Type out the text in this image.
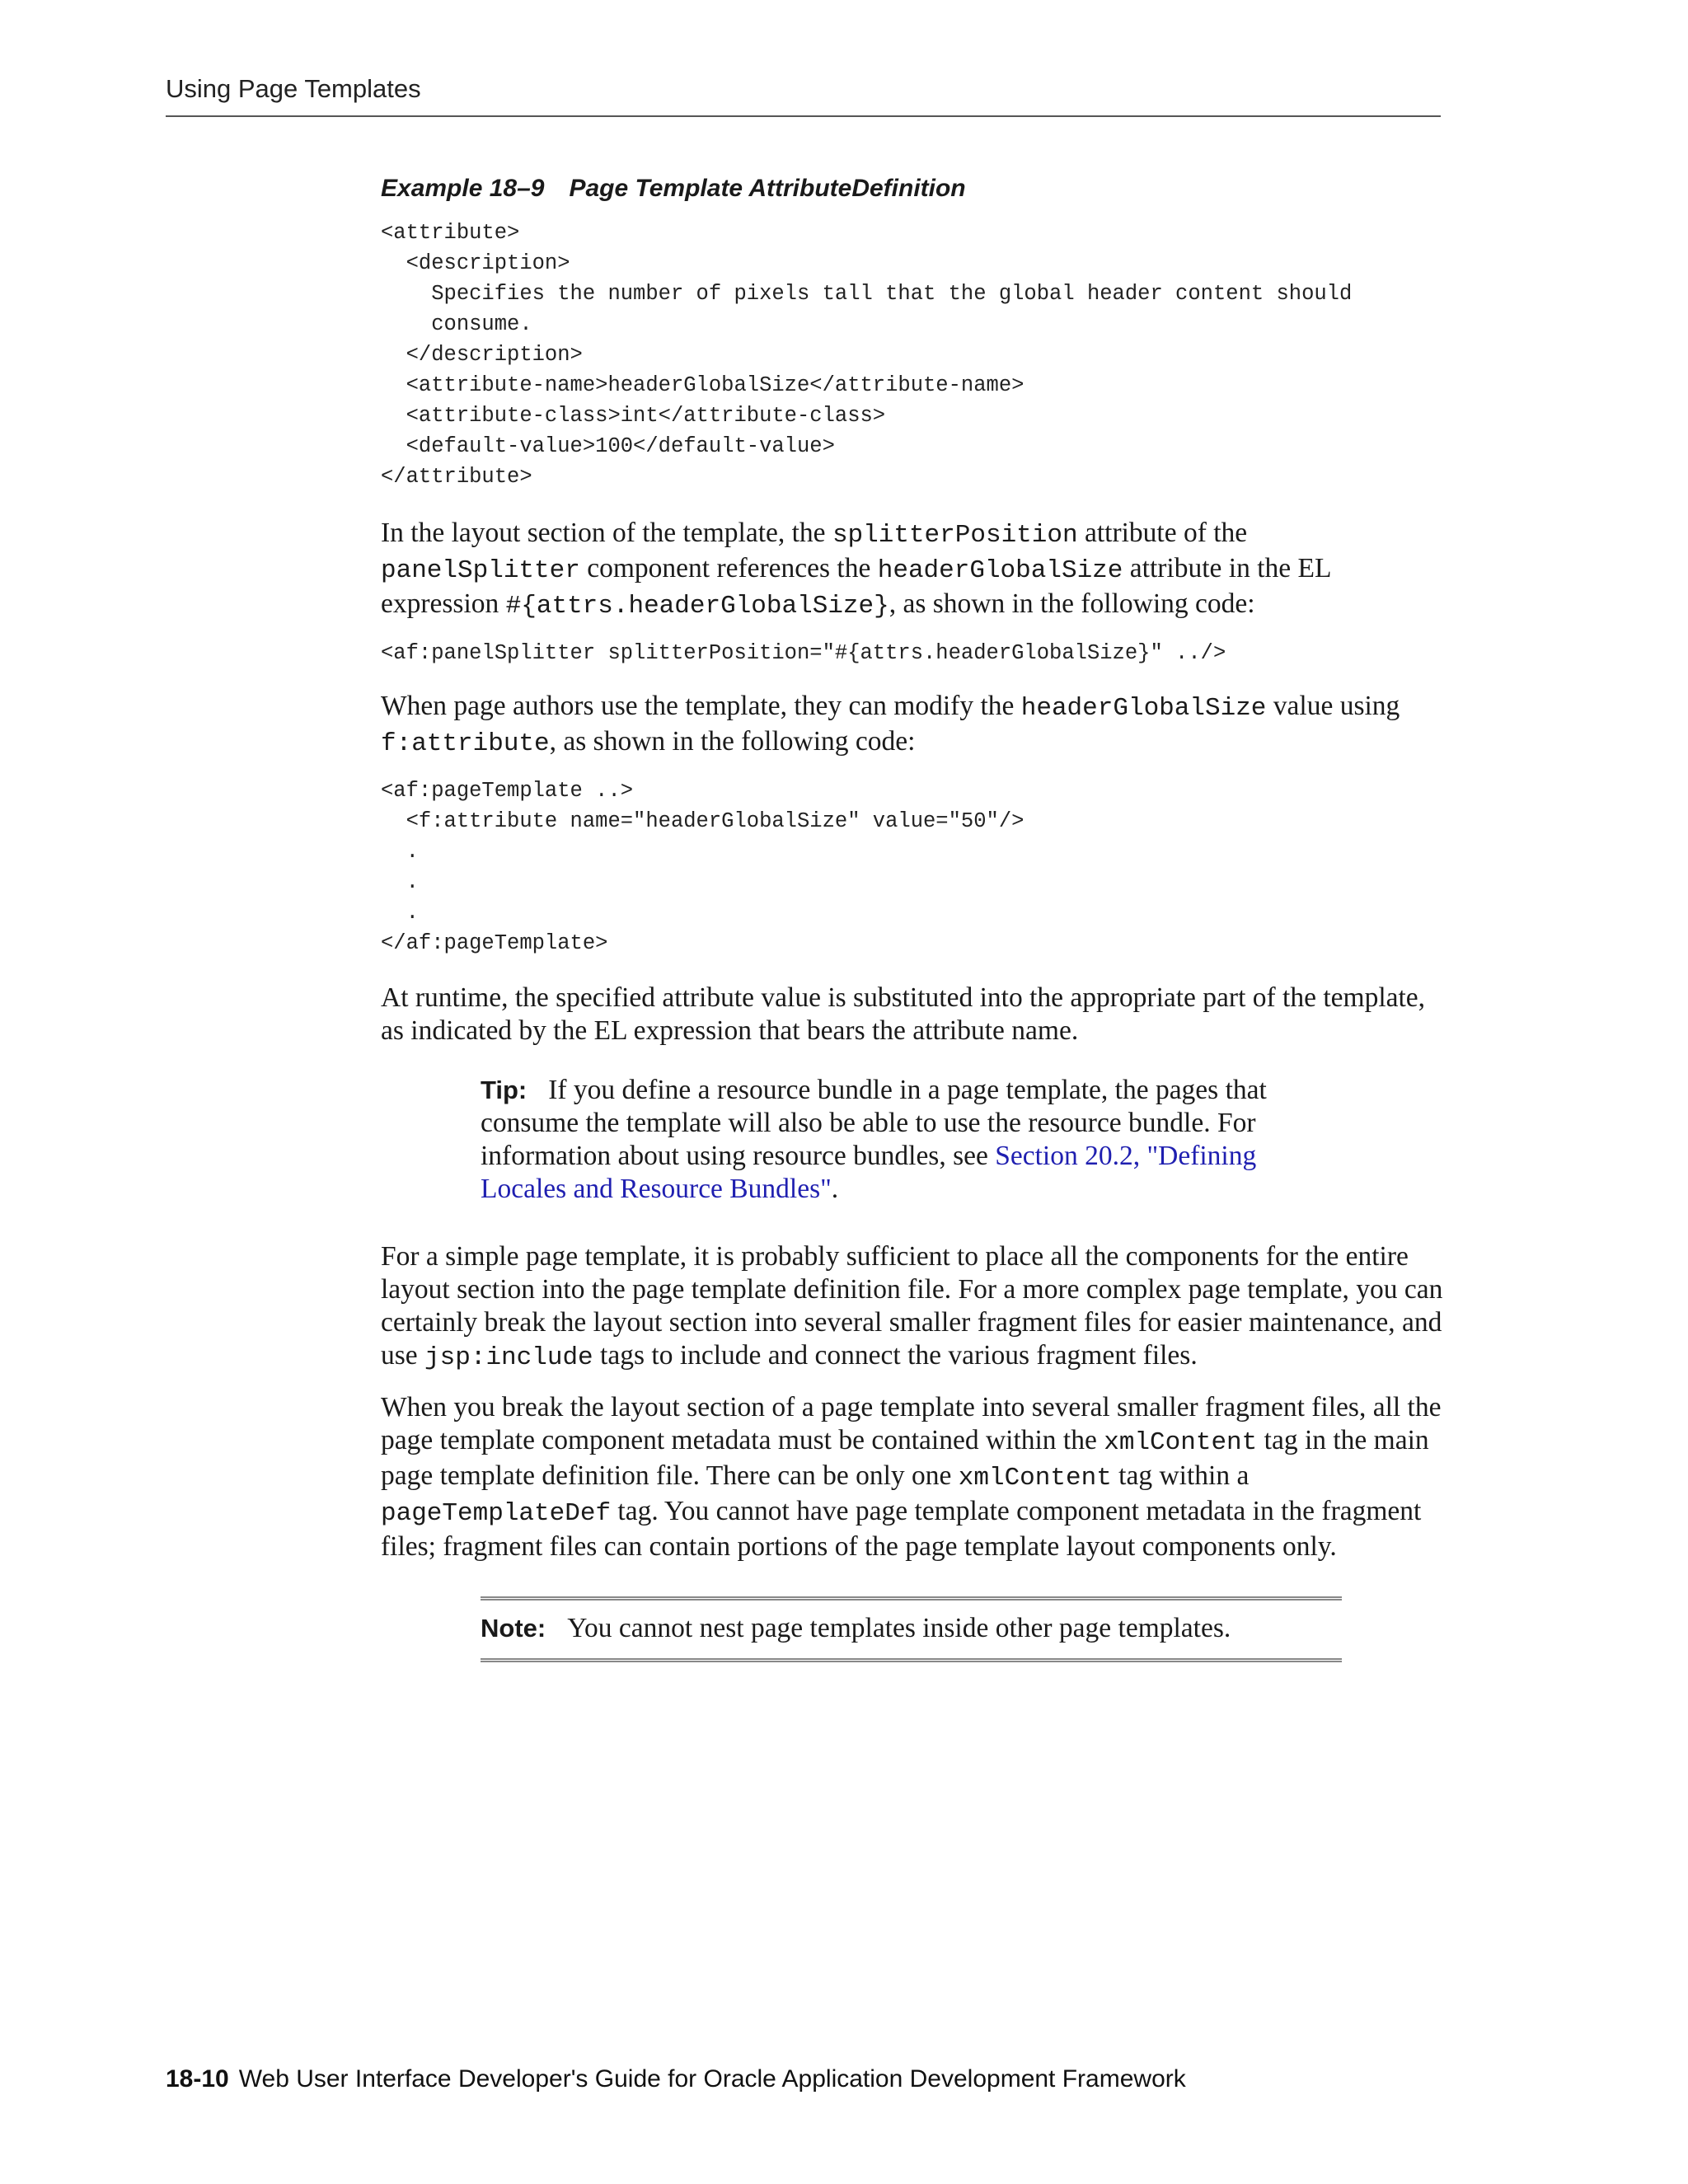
Using Page Templates
Example 18–9 Page Template AttributeDefinition
<attribute>
<description>
Specifies the number of pixels tall that the global header content should
consume.
</description>
<attribute-name>headerGlobalSize</attribute-name>
<attribute-class>int</attribute-class>
<default-value>100</default-value>
</attribute>

In the layout section of the template, the splitterPosition attribute of the panelSplitter component references the headerGlobalSize attribute in the EL expression #{attrs.headerGlobalSize}, as shown in the following code:

<af:panelSplitter splitterPosition="#{attrs.headerGlobalSize}" ../>

When page authors use the template, they can modify the headerGlobalSize value using f:attribute, as shown in the following code:

<af:pageTemplate ..>
<f:attribute name="headerGlobalSize" value="50"/>
.
.
.
</af:pageTemplate>

At runtime, the specified attribute value is substituted into the appropriate part of the template, as indicated by the EL expression that bears the attribute name.

Tip: If you define a resource bundle in a page template, the pages that consume the template will also be able to use the resource bundle. For information about using resource bundles, see Section 20.2, "Defining Locales and Resource Bundles".

For a simple page template, it is probably sufficient to place all the components for the entire layout section into the page template definition file. For a more complex page template, you can certainly break the layout section into several smaller fragment files for easier maintenance, and use jsp:include tags to include and connect the various fragment files.

When you break the layout section of a page template into several smaller fragment files, all the page template component metadata must be contained within the xmlContent tag in the main page template definition file. There can be only one xmlContent tag within a pageTemplateDef tag. You cannot have page template component metadata in the fragment files; fragment files can contain portions of the page template layout components only.

Note: You cannot nest page templates inside other page templates.

18-10 Web User Interface Developer's Guide for Oracle Application Development Framework
